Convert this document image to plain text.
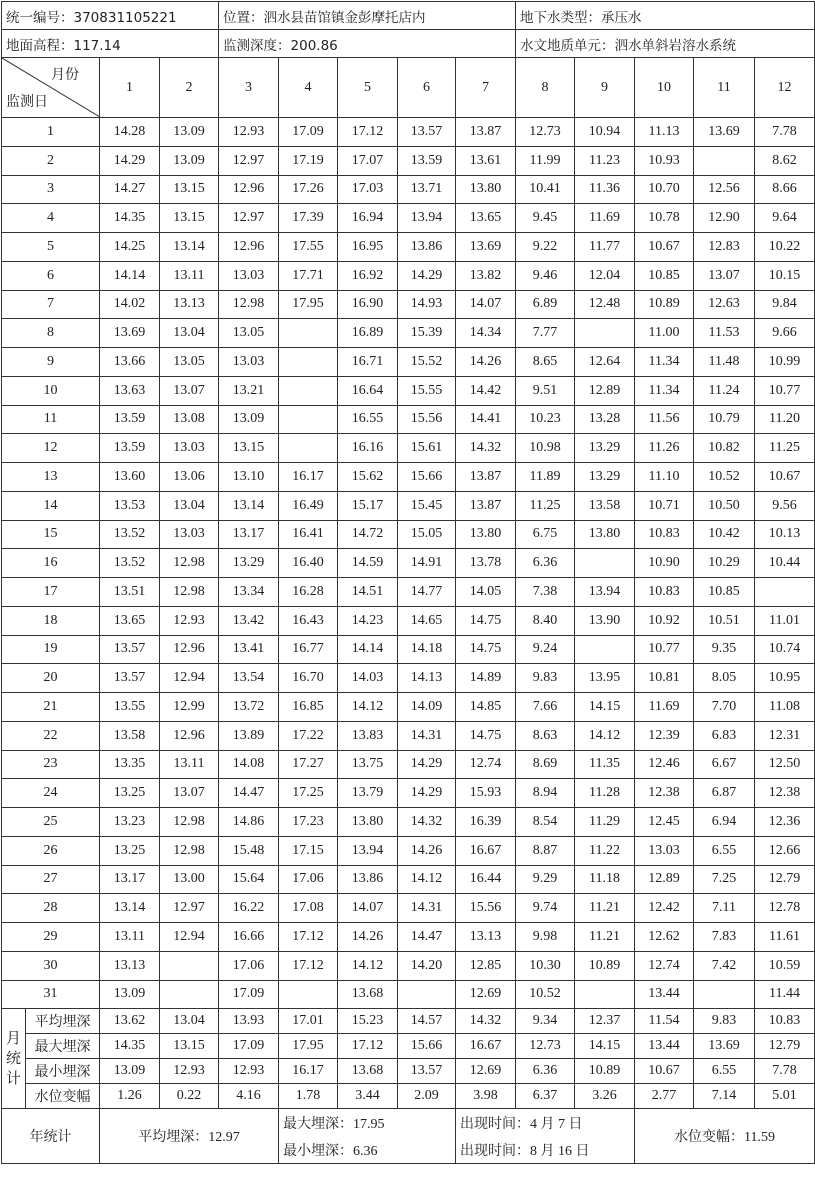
统一编号：370831105221				位置：泗水县苗馆镇金彭摩托店内					地下水类型：承压水				
地面高程：117.14				监测深度：200.86					水文地质单元：泗水单斜岩溶水系统				

月份
监测日		1	2	3	4	5	6	7	8	9	10	11	12
1		14.28	13.09	12.93	17.09	17.12	13.57	13.87	12.73	10.94	11.13	13.69	7.78
2		14.29	13.09	12.97	17.19	17.07	13.59	13.61	11.99	11.23	10.93		8.62
3		14.27	13.15	12.96	17.26	17.03	13.71	13.80	10.41	11.36	10.70	12.56	8.66
4		14.35	13.15	12.97	17.39	16.94	13.94	13.65	9.45	11.69	10.78	12.90	9.64
5		14.25	13.14	12.96	17.55	16.95	13.86	13.69	9.22	11.77	10.67	12.83	10.22
6		14.14	13.11	13.03	17.71	16.92	14.29	13.82	9.46	12.04	10.85	13.07	10.15
7		14.02	13.13	12.98	17.95	16.90	14.93	14.07	6.89	12.48	10.89	12.63	9.84
8		13.69	13.04	13.05		16.89	15.39	14.34	7.77		11.00	11.53	9.66
9		13.66	13.05	13.03		16.71	15.52	14.26	8.65	12.64	11.34	11.48	10.99
10		13.63	13.07	13.21		16.64	15.55	14.42	9.51	12.89	11.34	11.24	10.77
11		13.59	13.08	13.09		16.55	15.56	14.41	10.23	13.28	11.56	10.79	11.20
12		13.59	13.03	13.15		16.16	15.61	14.32	10.98	13.29	11.26	10.82	11.25
13		13.60	13.06	13.10	16.17	15.62	15.66	13.87	11.89	13.29	11.10	10.52	10.67
14		13.53	13.04	13.14	16.49	15.17	15.45	13.87	11.25	13.58	10.71	10.50	9.56
15		13.52	13.03	13.17	16.41	14.72	15.05	13.80	6.75	13.80	10.83	10.42	10.13
16		13.52	12.98	13.29	16.40	14.59	14.91	13.78	6.36		10.90	10.29	10.44
17		13.51	12.98	13.34	16.28	14.51	14.77	14.05	7.38	13.94	10.83	10.85	
18		13.65	12.93	13.42	16.43	14.23	14.65	14.75	8.40	13.90	10.92	10.51	11.01
19		13.57	12.96	13.41	16.77	14.14	14.18	14.75	9.24		10.77	9.35	10.74
20		13.57	12.94	13.54	16.70	14.03	14.13	14.89	9.83	13.95	10.81	8.05	10.95
21		13.55	12.99	13.72	16.85	14.12	14.09	14.85	7.66	14.15	11.69	7.70	11.08
22		13.58	12.96	13.89	17.22	13.83	14.31	14.75	8.63	14.12	12.39	6.83	12.31
23		13.35	13.11	14.08	17.27	13.75	14.29	12.74	8.69	11.35	12.46	6.67	12.50
24		13.25	13.07	14.47	17.25	13.79	14.29	15.93	8.94	11.28	12.38	6.87	12.38
25		13.23	12.98	14.86	17.23	13.80	14.32	16.39	8.54	11.29	12.45	6.94	12.36
26		13.25	12.98	15.48	17.15	13.94	14.26	16.67	8.87	11.22	13.03	6.55	12.66
27		13.17	13.00	15.64	17.06	13.86	14.12	16.44	9.29	11.18	12.89	7.25	12.79
28		13.14	12.97	16.22	17.08	14.07	14.31	15.56	9.74	11.21	12.42	7.11	12.78
29		13.11	12.94	16.66	17.12	14.26	14.47	13.13	9.98	11.21	12.62	7.83	11.61
30		13.13		17.06	17.12	14.12	14.20	12.85	10.30	10.89	12.74	7.42	10.59
31		13.09		17.09		13.68		12.69	10.52		13.44		11.44

月
统
计	平均埋深	13.62	13.04	13.93	17.01	15.23	14.57	14.32	9.34	12.37	11.54	9.83	10.83
	最大埋深	14.35	13.15	17.09	17.95	17.12	15.66	16.67	12.73	14.15	13.44	13.69	12.79
	最小埋深	13.09	12.93	12.93	16.17	13.68	13.57	12.69	6.36	10.89	10.67	6.55	7.78
	水位变幅	1.26	0.22	4.16	1.78	3.44	2.09	3.98	6.37	3.26	2.77	7.14	5.01
年统计		平均埋深：12.97			最大埋深：17.95			出现时间：4 月 7 日			水位变幅：11.59		
					最小埋深：6.36			出现时间：8 月 16 日					
